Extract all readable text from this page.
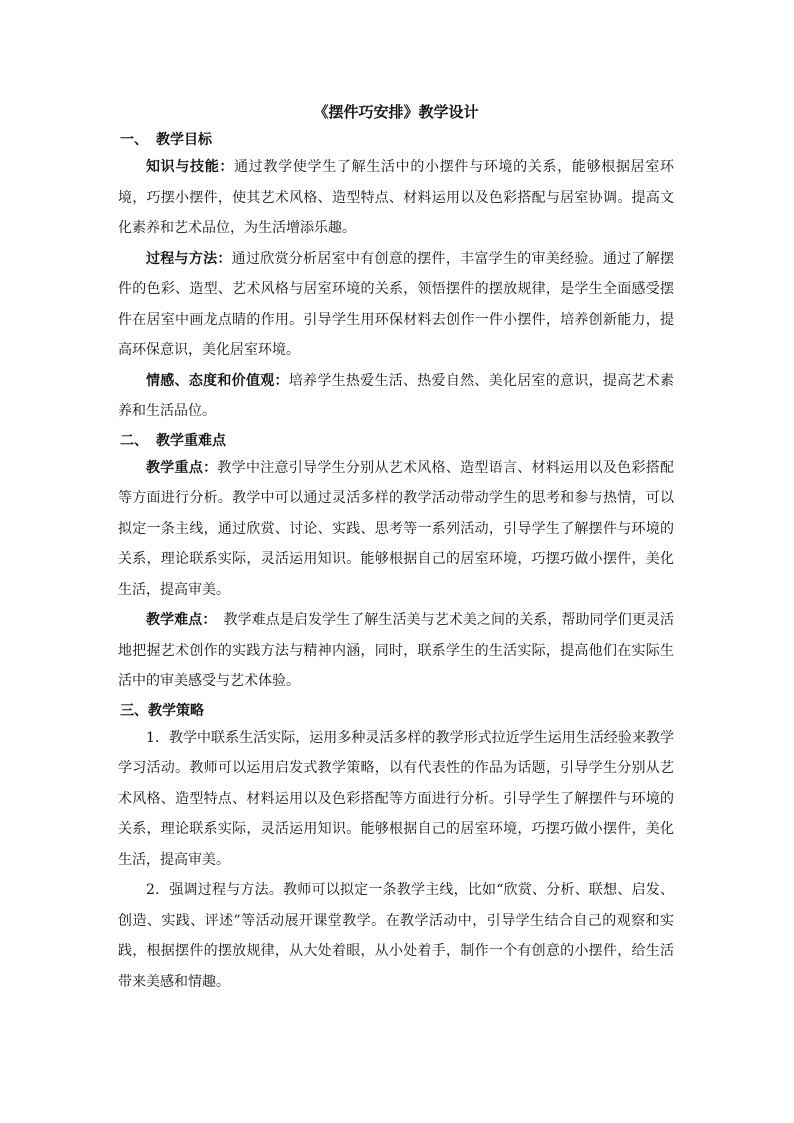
《摆件巧安排》教学设计
一、 教学目标

知识与技能：通过教学使学生了解生活中的小摆件与环境的关系，能够根据居室环境，巧摆小摆件，使其艺术风格、造型特点、材料运用以及色彩搭配与居室协调。提高文化素养和艺术品位，为生活增添乐趣。

过程与方法：通过欣赏分析居室中有创意的摆件，丰富学生的审美经验。通过了解摆件的色彩、造型、艺术风格与居室环境的关系，领悟摆件的摆放规律，是学生全面感受摆件在居室中画龙点睛的作用。引导学生用环保材料去创作一件小摆件，培养创新能力，提高环保意识，美化居室环境。

情感、态度和价值观：培养学生热爱生活、热爱自然、美化居室的意识，提高艺术素养和生活品位。

二、 教学重难点

教学重点：教学中注意引导学生分别从艺术风格、造型语言、材料运用以及色彩搭配等方面进行分析。教学中可以通过灵活多样的教学活动带动学生的思考和参与热情，可以拟定一条主线，通过欣赏、讨论、实践、思考等一系列活动，引导学生了解摆件与环境的关系，理论联系实际，灵活运用知识。能够根据自己的居室环境，巧摆巧做小摆件，美化生活，提高审美。

教学难点：　教学难点是启发学生了解生活美与艺术美之间的关系，帮助同学们更灵活地把握艺术创作的实践方法与精神内涵，同时，联系学生的生活实际，提高他们在实际生活中的审美感受与艺术体验。

三、教学策略

1．教学中联系生活实际，运用多种灵活多样的教学形式拉近学生运用生活经验来教学学习活动。教师可以运用启发式教学策略，以有代表性的作品为话题，引导学生分别从艺术风格、造型特点、材料运用以及色彩搭配等方面进行分析。引导学生了解摆件与环境的关系，理论联系实际，灵活运用知识。能够根据自己的居室环境，巧摆巧做小摆件，美化生活，提高审美。

2．强调过程与方法。教师可以拟定一条教学主线，比如“欣赏、分析、联想、启发、创造、实践、评述”等活动展开课堂教学。在教学活动中，引导学生结合自己的观察和实践，根据摆件的摆放规律，从大处着眼，从小处着手，制作一个有创意的小摆件，给生活带来美感和情趣。
